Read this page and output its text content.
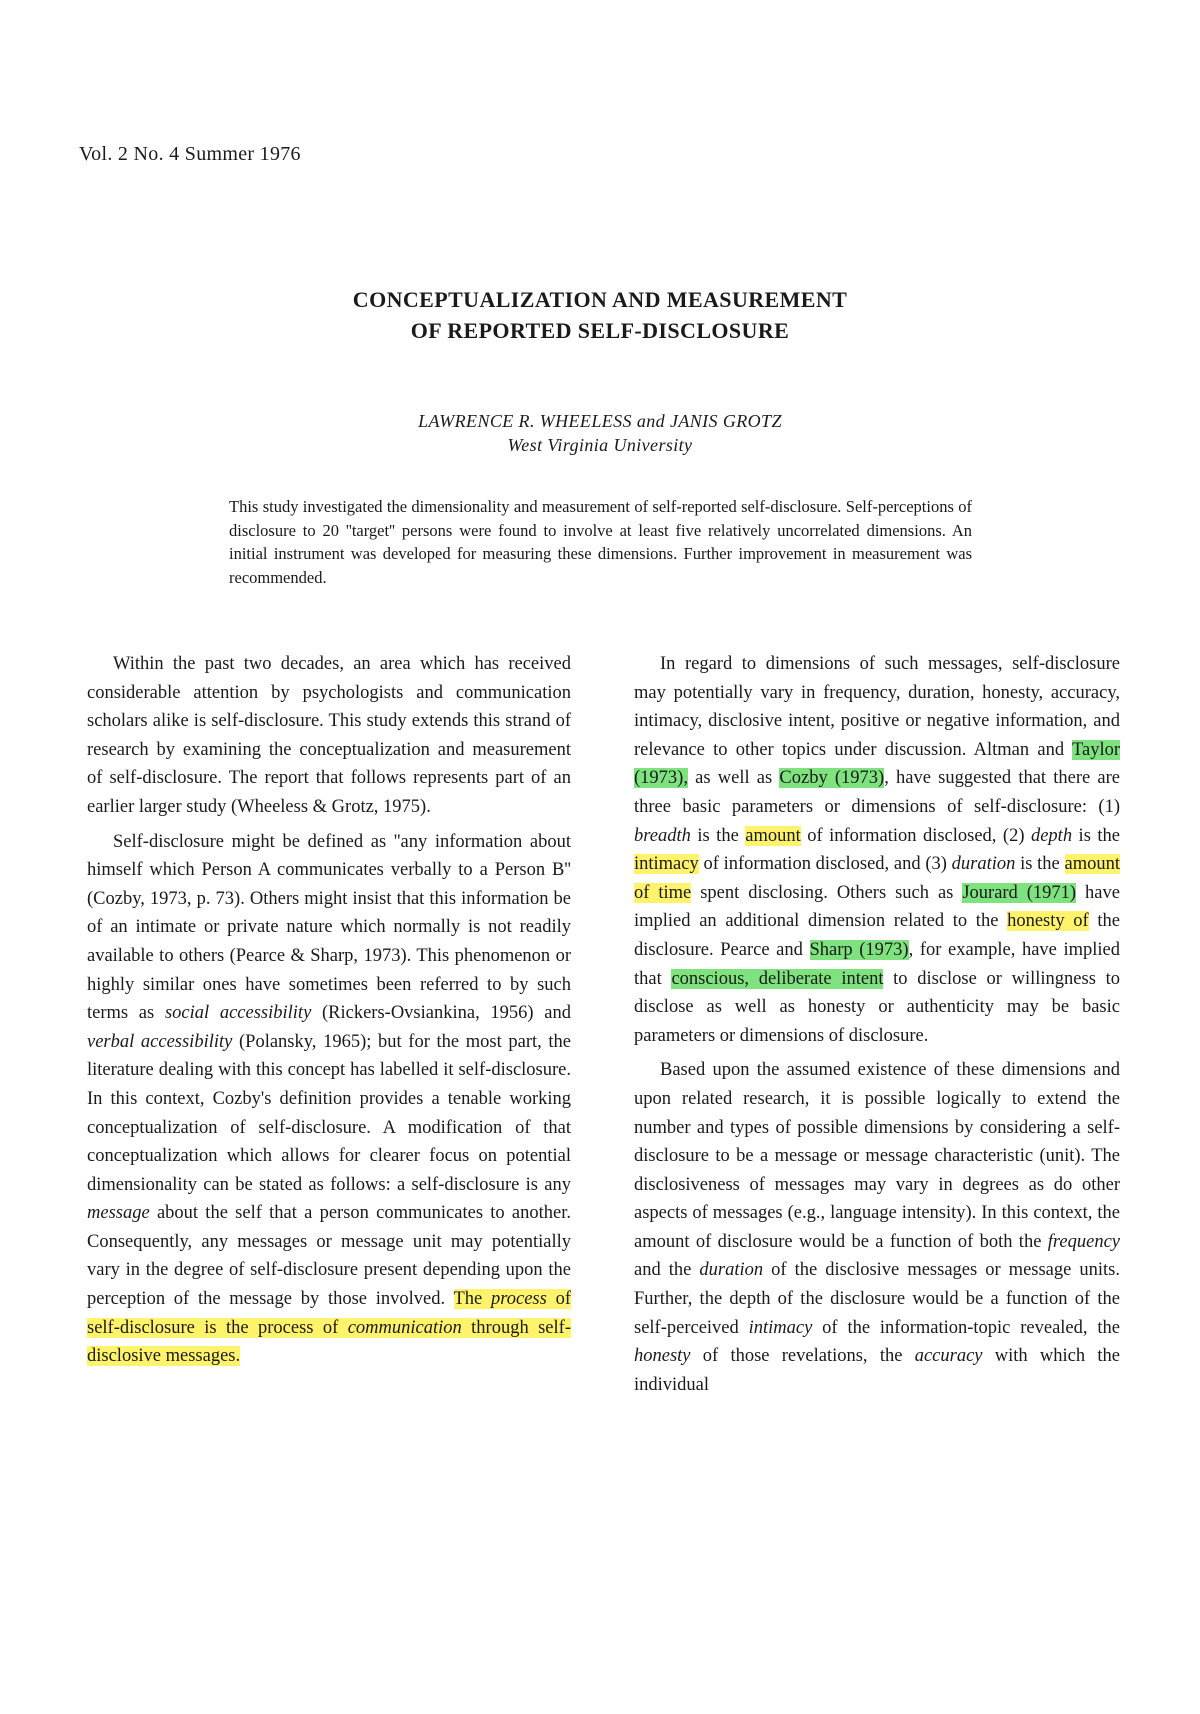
Vol. 2 No. 4 Summer 1976
CONCEPTUALIZATION AND MEASUREMENT
OF REPORTED SELF-DISCLOSURE
LAWRENCE R. WHEELESS and JANIS GROTZ
West Virginia University
This study investigated the dimensionality and measurement of self-reported self-disclosure. Self-perceptions of disclosure to 20 ''target'' persons were found to involve at least five relatively uncorrelated dimensions. An initial instrument was developed for measuring these dimensions. Further improvement in measurement was recommended.

Within the past two decades, an area which has received considerable attention by psychologists and communication scholars alike is self-disclosure. This study extends this strand of research by examining the conceptualization and measurement of self-disclosure. The report that follows represents part of an earlier larger study (Wheeless & Grotz, 1975).

Self-disclosure might be defined as ''any information about himself which Person A communicates verbally to a Person B'' (Cozby, 1973, p. 73). Others might insist that this information be of an intimate or private nature which normally is not readily available to others (Pearce & Sharp, 1973). This phenomenon or highly similar ones have sometimes been referred to by such terms as social accessibility (Rickers-Ovsiankina, 1956) and verbal accessibility (Polansky, 1965); but for the most part, the literature dealing with this concept has labelled it self-disclosure. In this context, Cozby's definition provides a tenable working conceptualization of self-disclosure. A modification of that conceptualization which allows for clearer focus on potential dimensionality can be stated as follows: a self-disclosure is any message about the self that a person communicates to another. Consequently, any messages or message unit may potentially vary in the degree of self-disclosure present depending upon the perception of the message by those involved. The process of self-disclosure is the process of communication through self-disclosive messages.

In regard to dimensions of such messages, self-disclosure may potentially vary in frequency, duration, honesty, accuracy, intimacy, disclosive intent, positive or negative information, and relevance to other topics under discussion. Altman and Taylor (1973), as well as Cozby (1973), have suggested that there are three basic parameters or dimensions of self-disclosure: (1) breadth is the amount of information disclosed, (2) depth is the intimacy of information disclosed, and (3) duration is the amount of time spent disclosing. Others such as Jourard (1971) have implied an additional dimension related to the honesty of the disclosure. Pearce and Sharp (1973), for example, have implied that conscious, deliberate intent to disclose or willingness to disclose as well as honesty or authenticity may be basic parameters or dimensions of disclosure.

Based upon the assumed existence of these dimensions and upon related research, it is possible logically to extend the number and types of possible dimensions by considering a self-disclosure to be a message or message characteristic (unit). The disclosiveness of messages may vary in degrees as do other aspects of messages (e.g., language intensity). In this context, the amount of disclosure would be a function of both the frequency and the duration of the disclosive messages or message units. Further, the depth of the disclosure would be a function of the self-perceived intimacy of the information-topic revealed, the honesty of those revelations, the accuracy with which the individual
